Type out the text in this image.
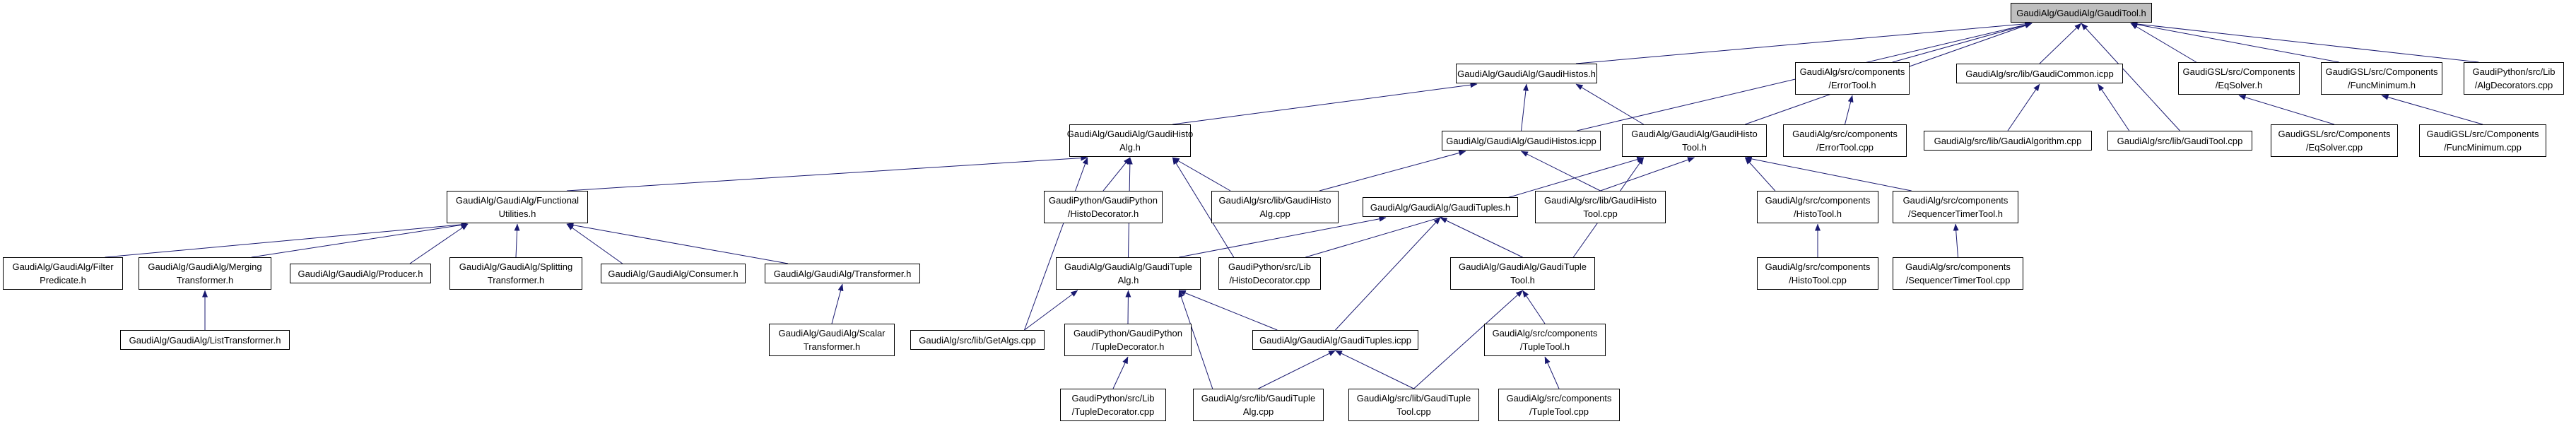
GaudiAlg/GaudiAlg/GaudiTool.h
GaudiAlg/GaudiAlg/GaudiHistos.h	GaudiAlg/src/components
/ErrorTool.h
GaudiAlg/src/lib/GaudiCommon.icpp	GaudiGSL/src/Components
/EqSolver.h
GaudiGSL/src/Components
/FuncMinimum.h
GaudiPython/src/Lib
/AlgDecorators.cpp
GaudiAlg/GaudiAlg/GaudiHisto
Alg.h
GaudiAlg/GaudiAlg/GaudiHistos.icpp
GaudiAlg/GaudiAlg/GaudiHisto
Tool.h
GaudiAlg/src/components
/ErrorTool.cpp
GaudiAlg/src/lib/GaudiAlgorithm.cpp	GaudiAlg/src/lib/GaudiTool.cpp
GaudiGSL/src/Components
/EqSolver.cpp
GaudiGSL/src/Components
/FuncMinimum.cpp
GaudiAlg/GaudiAlg/Functional
Utilities.h
GaudiPython/GaudiPython
/HistoDecorator.h
GaudiAlg/src/lib/GaudiHisto
Alg.cpp
GaudiAlg/GaudiAlg/GaudiTuples.h
GaudiAlg/src/lib/GaudiHisto
Tool.cpp
GaudiAlg/src/components
/HistoTool.h
GaudiAlg/src/components
/SequencerTimerTool.h
GaudiAlg/GaudiAlg/Filter
Predicate.h
GaudiAlg/GaudiAlg/Merging
Transformer.h
GaudiAlg/GaudiAlg/Producer.h
GaudiAlg/GaudiAlg/Splitting
Transformer.h
GaudiAlg/GaudiAlg/Consumer.h	GaudiAlg/GaudiAlg/Transformer.h
GaudiAlg/GaudiAlg/GaudiTuple
Alg.h
GaudiPython/src/Lib
/HistoDecorator.cpp
GaudiAlg/GaudiAlg/GaudiTuple
Tool.h
GaudiAlg/src/components
/HistoTool.cpp
GaudiAlg/src/components
/SequencerTimerTool.cpp
GaudiAlg/GaudiAlg/ListTransformer.h
GaudiAlg/GaudiAlg/Scalar
Transformer.h
GaudiAlg/src/lib/GetAlgs.cpp
GaudiPython/GaudiPython
/TupleDecorator.h
GaudiAlg/GaudiAlg/GaudiTuples.icpp
GaudiAlg/src/components
/TupleTool.h
GaudiPython/src/Lib
/TupleDecorator.cpp
GaudiAlg/src/lib/GaudiTuple
Alg.cpp
GaudiAlg/src/lib/GaudiTuple
Tool.cpp
GaudiAlg/src/components
/TupleTool.cpp
